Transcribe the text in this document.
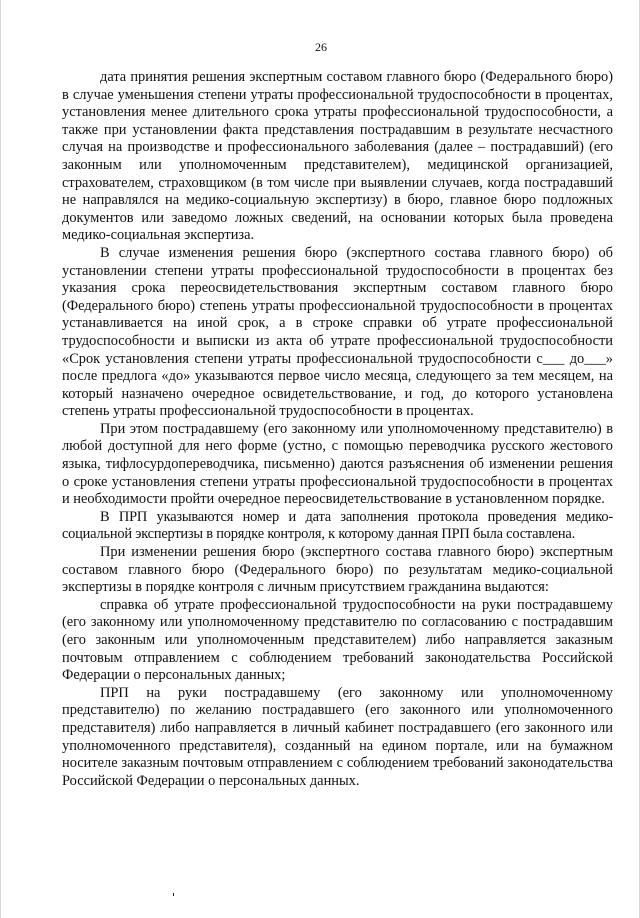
26

дата принятия решения экспертным составом главного бюро (Федерального бюро) в случае уменьшения степени утраты профессиональной трудоспособности в процентах, установления менее длительного срока утраты профессиональной трудоспособности, а также при установлении факта представления пострадавшим в результате несчастного случая на производстве и профессионального заболевания (далее – пострадавший) (его законным или уполномоченным представителем), медицинской организацией, страхователем, страховщиком (в том числе при выявлении случаев, когда пострадавший не направлялся на медико-социальную экспертизу) в бюро, главное бюро подложных документов или заведомо ложных сведений, на основании которых была проведена медико-социальная экспертиза.

В случае изменения решения бюро (экспертного состава главного бюро) об установлении степени утраты профессиональной трудоспособности в процентах без указания срока переосвидетельствования экспертным составом главного бюро (Федерального бюро) степень утраты профессиональной трудоспособности в процентах устанавливается на иной срок, а в строке справки об утрате профессиональной трудоспособности и выписки из акта об утрате профессиональной трудоспособности «Срок установления степени утраты профессиональной трудоспособности с___ до___» после предлога «до» указываются первое число месяца, следующего за тем месяцем, на который назначено очередное освидетельствование, и год, до которого установлена степень утраты профессиональной трудоспособности в процентах.

При этом пострадавшему (его законному или уполномоченному представителю) в любой доступной для него форме (устно, с помощью переводчика русского жестового языка, тифлосурдопереводчика, письменно) даются разъяснения об изменении решения о сроке установления степени утраты профессиональной трудоспособности в процентах и необходимости пройти очередное переосвидетельствование в установленном порядке.

В ПРП указываются номер и дата заполнения протокола проведения медико-социальной экспертизы в порядке контроля, к которому данная ПРП была составлена.

При изменении решения бюро (экспертного состава главного бюро) экспертным составом главного бюро (Федерального бюро) по результатам медико-социальной экспертизы в порядке контроля с личным присутствием гражданина выдаются:

справка об утрате профессиональной трудоспособности на руки пострадавшему (его законному или уполномоченному представителю по согласованию с пострадавшим (его законным или уполномоченным представителем) либо направляется заказным почтовым отправлением с соблюдением требований законодательства Российской Федерации о персональных данных;

ПРП на руки пострадавшему (его законному или уполномоченному представителю) по желанию пострадавшего (его законного или уполномоченного представителя) либо направляется в личный кабинет пострадавшего (его законного или уполномоченного представителя), созданный на едином портале, или на бумажном носителе заказным почтовым отправлением с соблюдением требований законодательства Российской Федерации о персональных данных.
